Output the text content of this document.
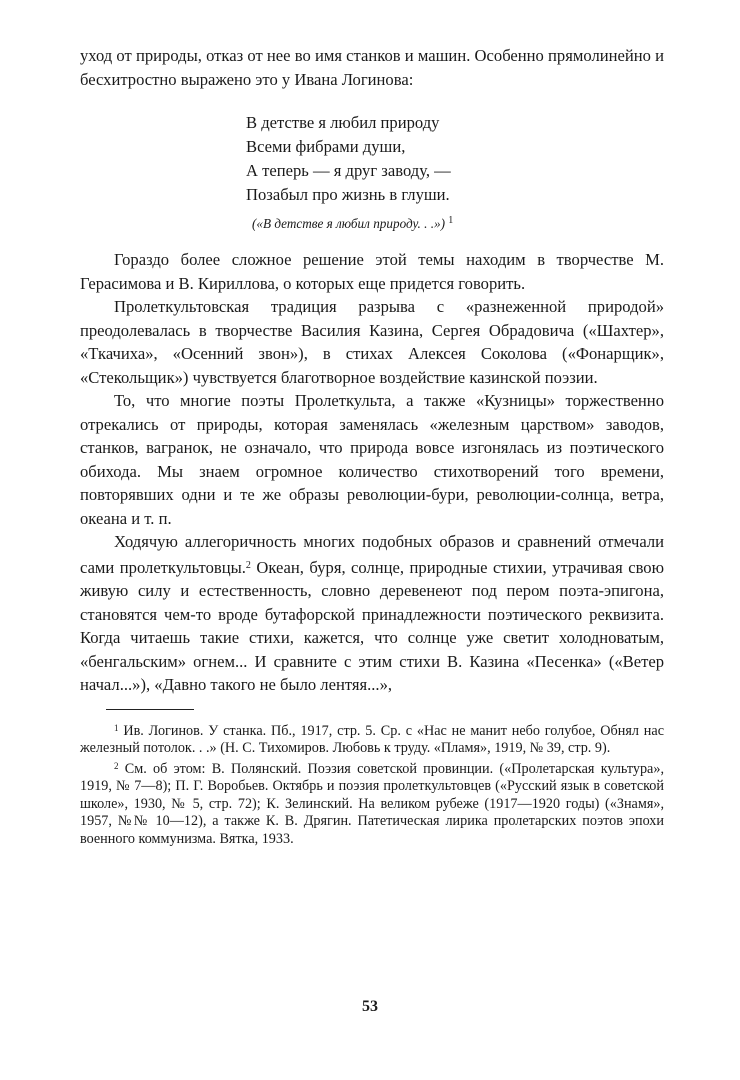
уход от природы, отказ от нее во имя станков и машин. Особенно прямолинейно и бесхитростно выражено это у Ивана Логинова:

В детстве я любил природу
Всеми фибрами души,
А теперь — я друг заводу, —
Позабыл про жизнь в глуши.
(«В детстве я любил природу. . .») $^1$

Гораздо более сложное решение этой темы находим в творчестве М. Герасимова и В. Кириллова, о которых еще придется говорить.

Пролеткультовская традиция разрыва с «разнеженной природой» преодолевалась в творчестве Василия Казина, Сергея Обрадовича («Шахтер», «Ткачиха», «Осенний звон»), в стихах Алексея Соколова («Фонарщик», «Стекольщик») чувствуется благотворное воздействие казинской поэзии.

То, что многие поэты Пролеткульта, а также «Кузницы» торжественно отрекались от природы, которая заменялась «железным царством» заводов, станков, вагранок, не означало, что природа вовсе изгонялась из поэтического обихода. Мы знаем огромное количество стихотворений того времени, повторявших одни и те же образы революции-бури, революции-солнца, ветра, океана и т. п.

Ходячую аллегоричность многих подобных образов и сравнений отмечали сами пролеткультовцы.$^2$ Океан, буря, солнце, природные стихии, утрачивая свою живую силу и естественность, словно деревенеют под пером поэта-эпигона, становятся чем-то вроде бутафорской принадлежности поэтического реквизита. Когда читаешь такие стихи, кажется, что солнце уже светит холодноватым, «бенгальским» огнем... И сравните с этим стихи В. Казина «Песенка» («Ветер начал...»), «Давно такого не было лентяя...»,

$^1$ Ив. Логинов. У станка. Пб., 1917, стр. 5. Ср. с «Нас не манит небо голубое, Обнял нас железный потолок. . .» (Н. С. Тихомиров. Любовь к труду. «Пламя», 1919, № 39, стр. 9).

$^2$ См. об этом: В. Полянский. Поэзия советской провинции. («Пролетарская культура», 1919, № 7—8); П. Г. Воробьев. Октябрь и поэзия пролеткультовцев («Русский язык в советской школе», 1930, № 5, стр. 72); К. Зелинский. На великом рубеже (1917—1920 годы) («Знамя», 1957, №№ 10—12), а также К. В. Дрягин. Патетическая лирика пролетарских поэтов эпохи военного коммунизма. Вятка, 1933.

53
